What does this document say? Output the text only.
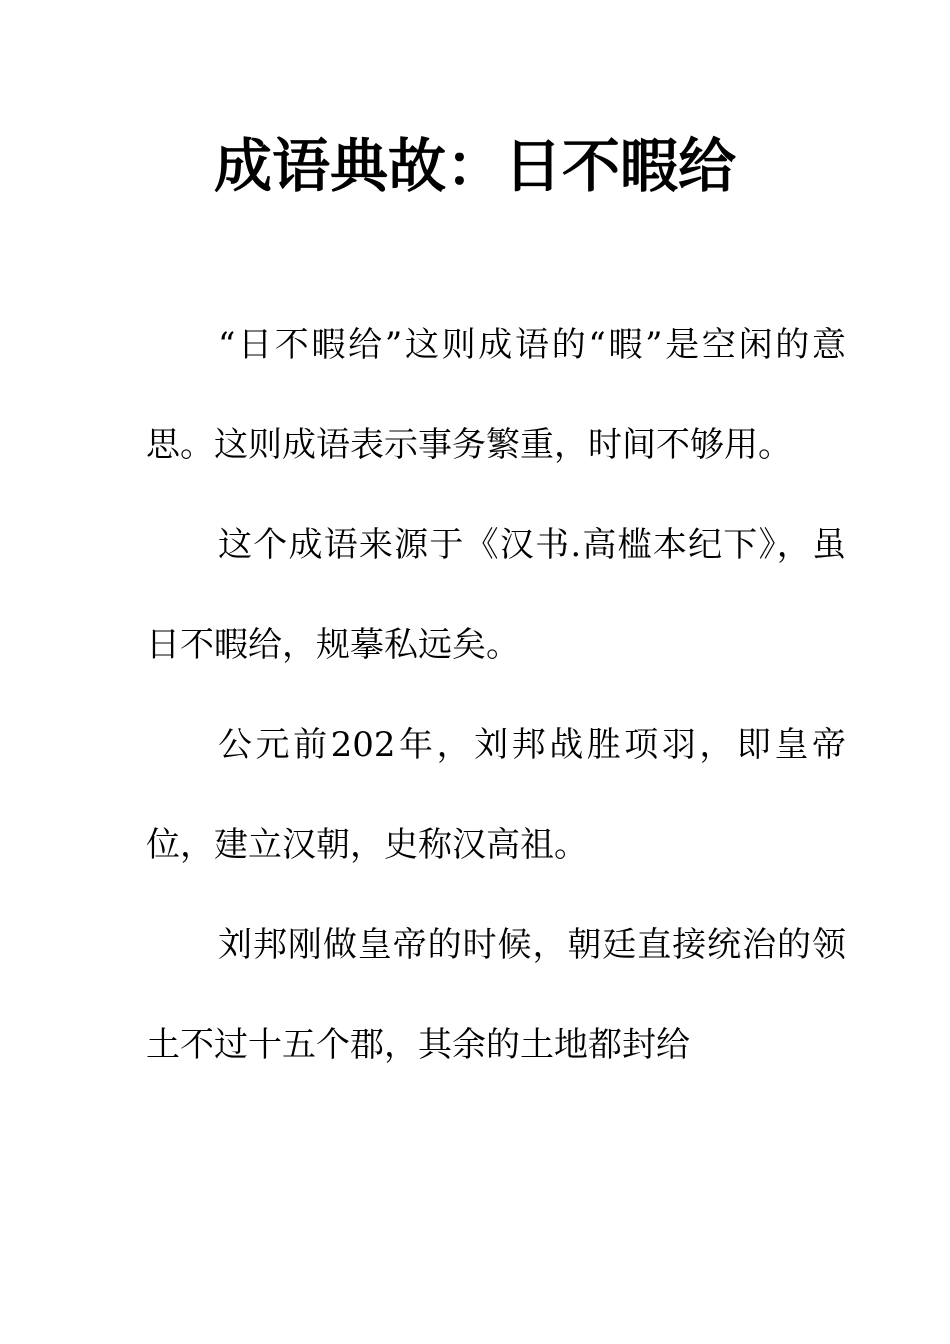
成语典故：日不暇给

“日不暇给”这则成语的“暇”是空闲的意思。这则成语表示事务繁重，时间不够用。

这个成语来源于《汉书.高槛本纪下》，虽日不暇给，规摹私远矣。

公元前202年，刘邦战胜项羽，即皇帝位，建立汉朝，史称汉高祖。

刘邦刚做皇帝的时候，朝廷直接统治的领土不过十五个郡，其余的土地都封给
